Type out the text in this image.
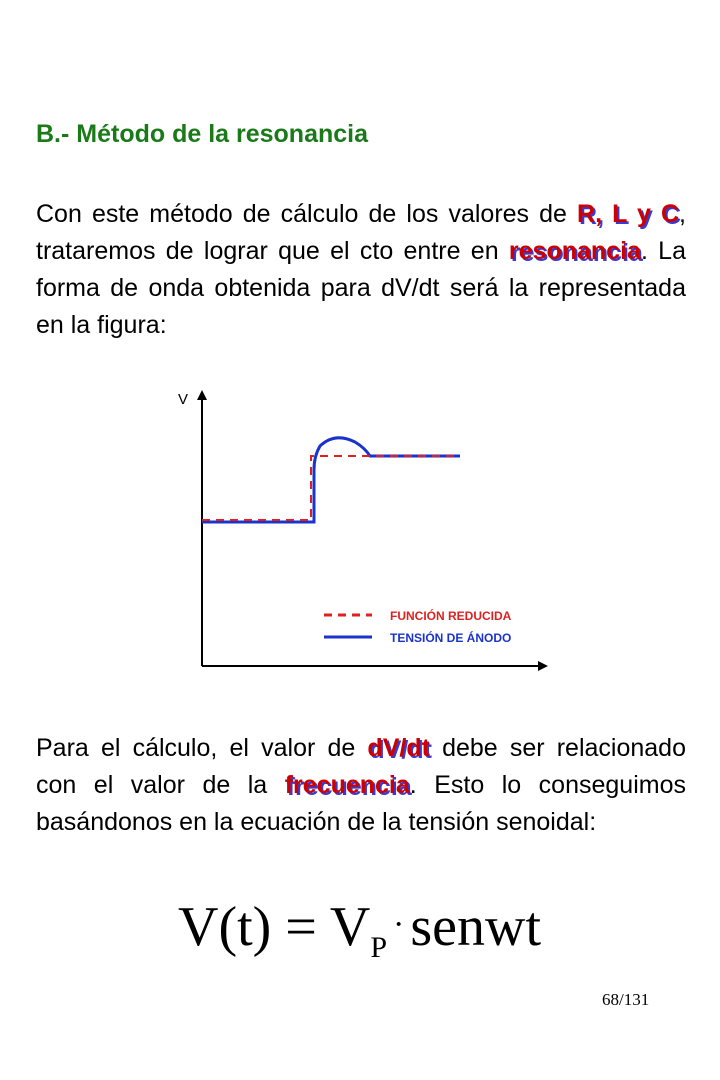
B.- Método de la resonancia
Con este método de cálculo de los valores de R, L y C, trataremos de lograr que el cto entre en resonancia. La forma de onda obtenida para dV/dt será la representada en la figura:
V
FUNCIÓN REDUCIDA
TENSIÓN DE ÁNODO
Para el cálculo, el valor de dV/dt debe ser relacionado con el valor de la frecuencia. Esto lo conseguimos basándonos en la ecuación de la tensión senoidal:
$V(t) = V_P\cdot$ senwt
68/131
